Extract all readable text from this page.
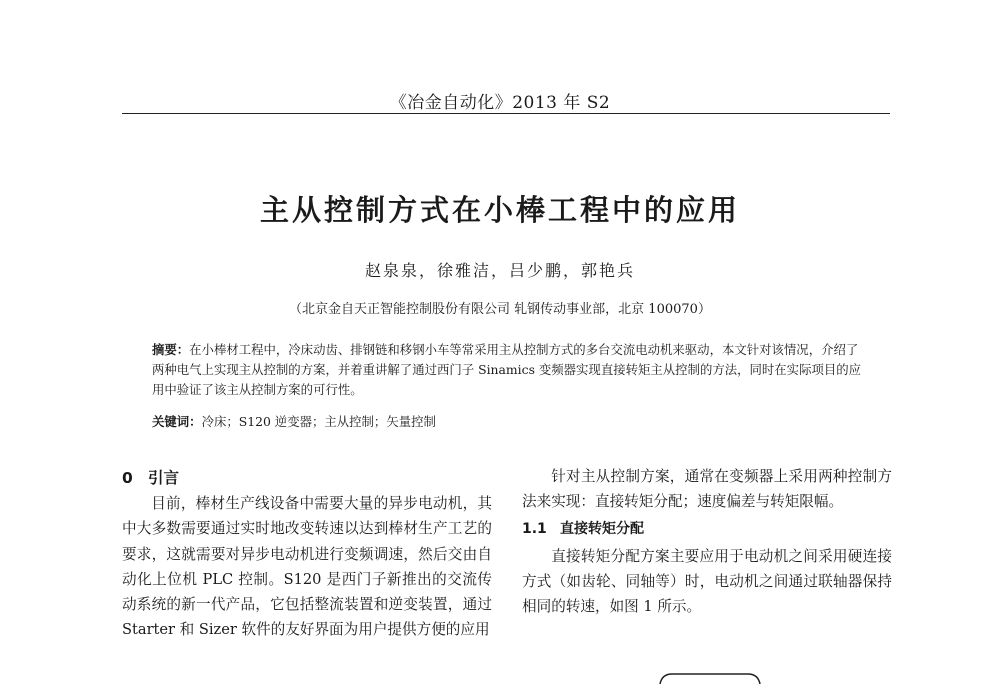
《冶金自动化》2013 年 S2
主从控制方式在小棒工程中的应用
赵泉泉，徐雅洁，吕少鹏，郭艳兵
（北京金自天正智能控制股份有限公司 轧钢传动事业部，北京 100070）
摘要：在小棒材工程中，冷床动齿、排钢链和移钢小车等常采用主从控制方式的多台交流电动机来驱动，本文针对该情况，介绍了两种电气上实现主从控制的方案，并着重讲解了通过西门子 Sinamics 变频器实现直接转矩主从控制的方法，同时在实际项目的应用中验证了该主从控制方案的可行性。
关键词：冷床；S120 逆变器；主从控制；矢量控制
0 引言

目前，棒材生产线设备中需要大量的异步电动机，其中大多数需要通过实时地改变转速以达到棒材生产工艺的要求，这就需要对异步电动机进行变频调速，然后交由自动化上位机 PLC 控制。S120 是西门子新推出的交流传动系统的新一代产品，它包括整流装置和逆变装置，通过 Starter 和 Sizer 软件的友好界面为用户提供方便的应用

针对主从控制方案，通常在变频器上采用两种控制方法来实现：直接转矩分配；速度偏差与转矩限幅。

1.1 直接转矩分配

直接转矩分配方案主要应用于电动机之间采用硬连接方式（如齿轮、同轴等）时，电动机之间通过联轴器保持相同的转速，如图 1 所示。
